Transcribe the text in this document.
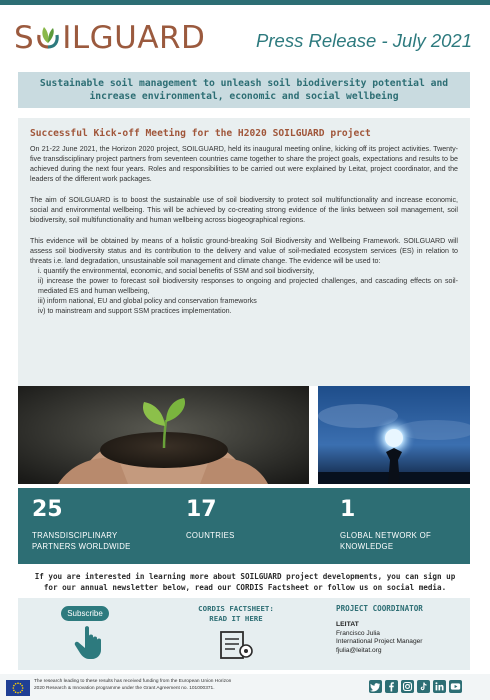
S ILGUARD	Press Release - July 2021
Sustainable soil management to unleash soil biodiversity potential and increase environmental, economic and social wellbeing
Successful Kick-off Meeting for the H2020 SOILGUARD project

On 21-22 June 2021, the Horizon 2020 project, SOILGUARD, held its inaugural meeting online, kicking off its project activities. Twenty-five transdisciplinary project partners from seventeen countries came together to share the project goals, expectations and results to be achieved during the next four years. Roles and responsibilities to be carried out were explained by Leitat, project coordinator, and the leaders of the different work packages.

The aim of SOILGUARD is to boost the sustainable use of soil biodiversity to protect soil multifunctionality and increase economic, social and environmental wellbeing. This will be achieved by co-creating strong evidence of the links between soil management, soil biodiversity, soil multifunctionality and human wellbeing across biogeographical regions.

This evidence will be obtained by means of a holistic ground-breaking Soil Biodiversity and Wellbeing Framework. SOILGUARD will assess soil biodiversity status and its contribution to the delivery and value of soil-mediated ecosystem services (ES) in relation to threats i.e. land degradation, unsustainable soil management and climate change. The evidence will be used to:

i. quantify the environmental, economic, and social benefits of SSM and soil biodiversity,
ii) increase the power to forecast soil biodiversity responses to ongoing and projected challenges, and cascading effects on soil-mediated ES and human wellbeing,
iii) inform national, EU and global policy and conservation frameworks
iv) to mainstream and support SSM practices implementation.
25
TRANSDISCIPLINARY
PARTNERS WORLDWIDE
17
COUNTRIES
1
GLOBAL NETWORK OF
KNOWLEDGE
If you are interested in learning more about SOILGUARD project developments, you can sign up for our annual newsletter below, read our CORDIS Factsheet or follow us on social media.
Subscribe
CORDIS FACTSHEET:
READ IT HERE
PROJECT COORDINATOR
LEITAT
Francisco Julia
International Project Manager
fjulia@leitat.org
The research leading to these results has received funding from the European Union Horizon
2020 Research & Innovation programme under the Grant Agreement no. 101000371.
